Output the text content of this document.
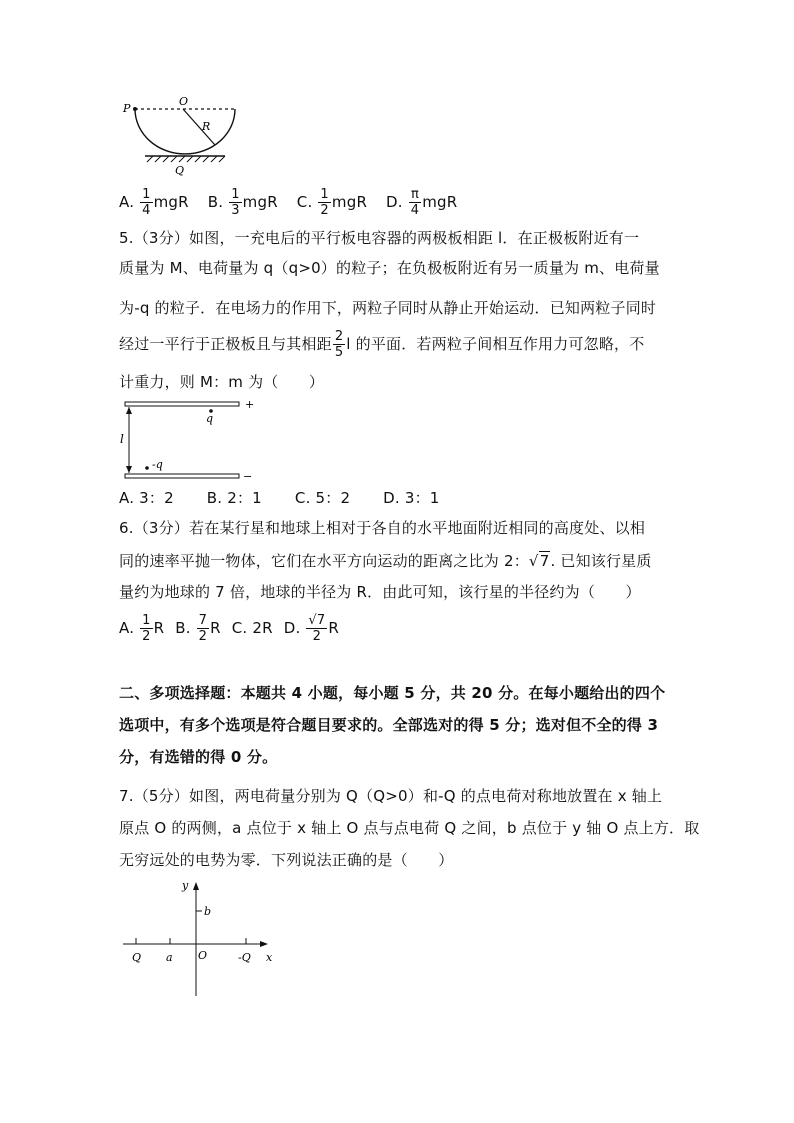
P
O
R
Q
A. $\frac{1}{4}$ mgR B. $\frac{1}{3}$ mgR C. $\frac{1}{2}$ mgR D. $\frac{\pi}{4}$ mgR
5.（3分）如图，一充电后的平行板电容器的两极板相距 l．在正极板附近有一
质量为 M、电荷量为 q（q>0）的粒子；在负极板附近有另一质量为 m、电荷量
为-q 的粒子．在电场力的作用下，两粒子同时从静止开始运动．已知两粒子同时
经过一平行于正极板且与其相距 $\frac{2}{5}$ l 的平面．若两粒子间相互作用力可忽略，不
计重力，则 M：m 为（　　）
+
−
q
-q
l
A. 3：2 B. 2：1 C. 5：2 D. 3：1
6.（3分）若在某行星和地球上相对于各自的水平地面附近相同的高度处、以相
同的速率平抛一物体，它们在水平方向运动的距离之比为 2：√7. 已知该行星质
量约为地球的 7 倍，地球的半径为 R．由此可知，该行星的半径约为（　　）
A. $\frac{1}{2}$ R B. $\frac{7}{2}$ R C. 2R D. $\frac{√7}{2}$ R
二、多项选择题：本题共 4 小题，每小题 5 分，共 20 分。在每小题给出的四个
选项中，有多个选项是符合题目要求的。全部选对的得 5 分；选对但不全的得 3
分，有选错的得 0 分。
7.（5分）如图，两电荷量分别为 Q（Q>0）和-Q 的点电荷对称地放置在 x 轴上
原点 O 的两侧，a 点位于 x 轴上 O 点与点电荷 Q 之间，b 点位于 y 轴 O 点上方．取
无穷远处的电势为零．下列说法正确的是（　　）
y
b
Q a O	-Q x
